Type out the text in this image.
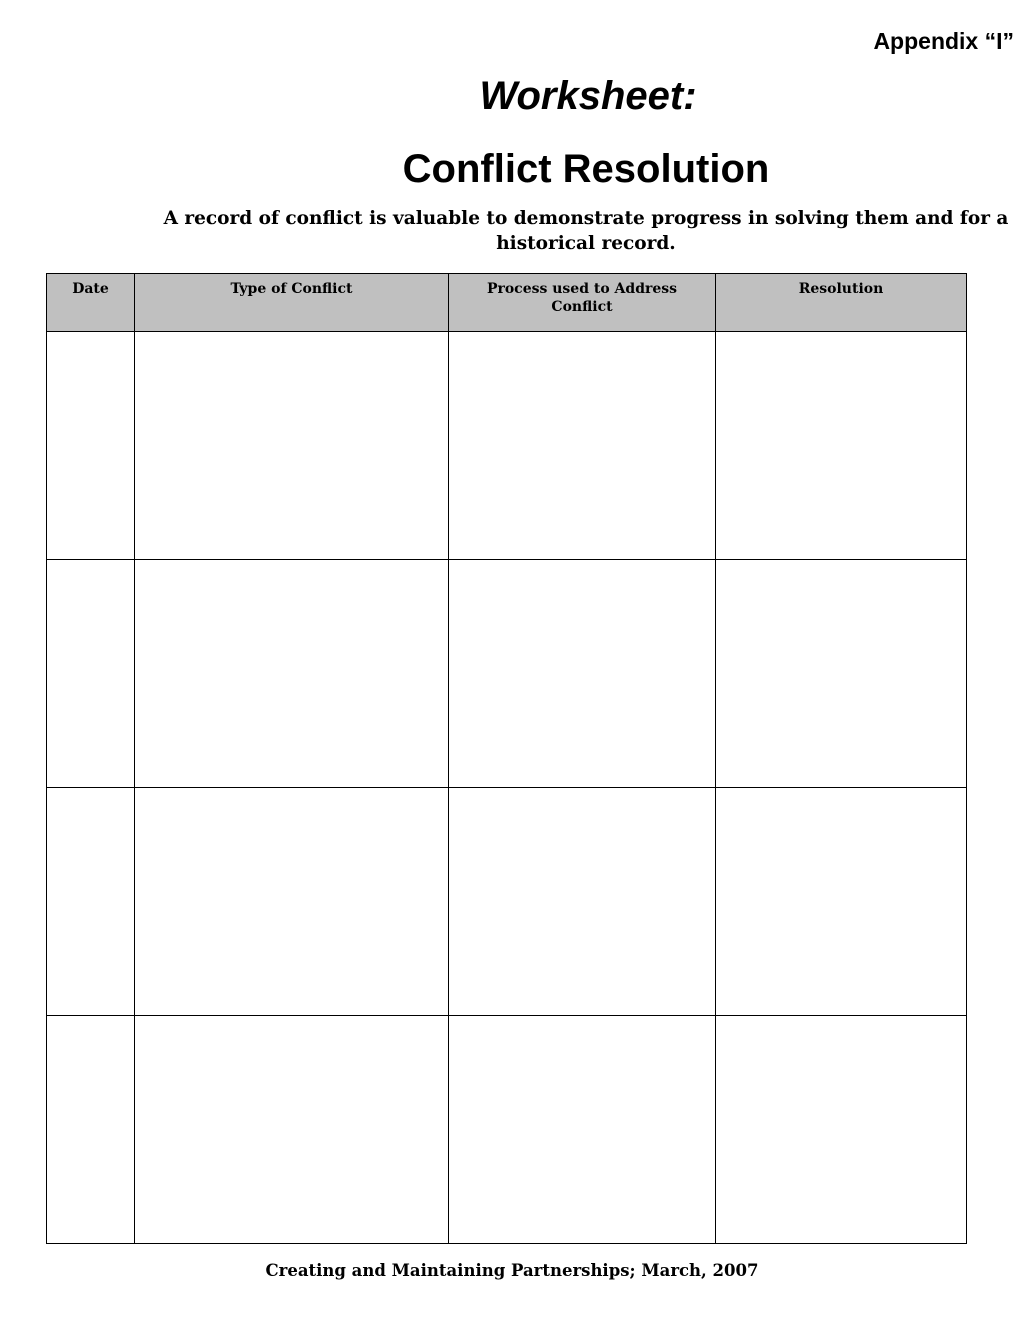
Appendix “I”
Worksheet:
Conflict Resolution
A record of conflict is valuable to demonstrate progress in solving them and for a historical record.
Date	Type of Conflict	Process used to Address Conflict	Resolution

Creating and Maintaining Partnerships; March, 2007
